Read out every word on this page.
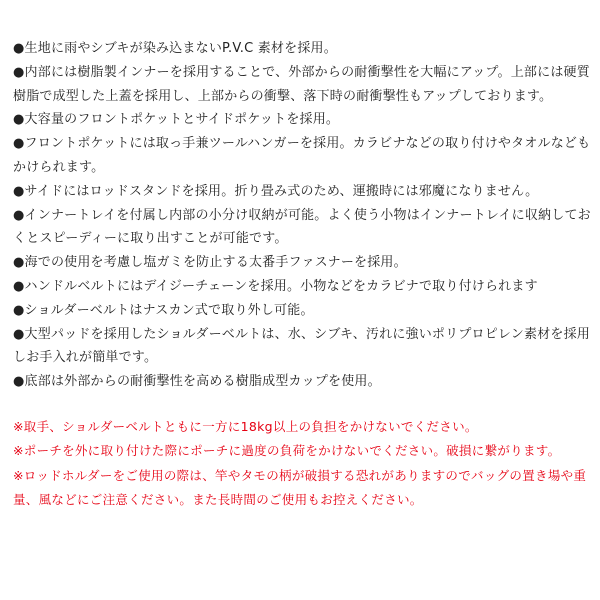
●生地に雨やシブキが染み込まないP.V.C 素材を採用。
●内部には樹脂製インナーを採用することで、外部からの耐衝撃性を大幅にアップ。上部には硬質樹脂で成型した上蓋を採用し、上部からの衝撃、落下時の耐衝撃性もアップしております。
●大容量のフロントポケットとサイドポケットを採用。
●フロントポケットには取っ手兼ツールハンガーを採用。カラビナなどの取り付けやタオルなどもかけられます。
●サイドにはロッドスタンドを採用。折り畳み式のため、運搬時には邪魔になりません。
●インナートレイを付属し内部の小分け収納が可能。よく使う小物はインナートレイに収納しておくとスピーディーに取り出すことが可能です。
●海での使用を考慮し塩ガミを防止する太番手ファスナーを採用。
●ハンドルベルトにはデイジーチェーンを採用。小物などをカラビナで取り付けられます
●ショルダーベルトはナスカン式で取り外し可能。
●大型パッドを採用したショルダーベルトは、水、シブキ、汚れに強いポリプロピレン素材を採用しお手入れが簡単です。
●底部は外部からの耐衝撃性を高める樹脂成型カップを使用。
※取手、ショルダーベルトともに一方に18kg以上の負担をかけないでください。
※ポーチを外に取り付けた際にポーチに過度の負荷をかけないでください。破損に繋がります。
※ロッドホルダーをご使用の際は、竿やタモの柄が破損する恐れがありますのでバッグの置き場や重量、風などにご注意ください。また長時間のご使用もお控えください。
